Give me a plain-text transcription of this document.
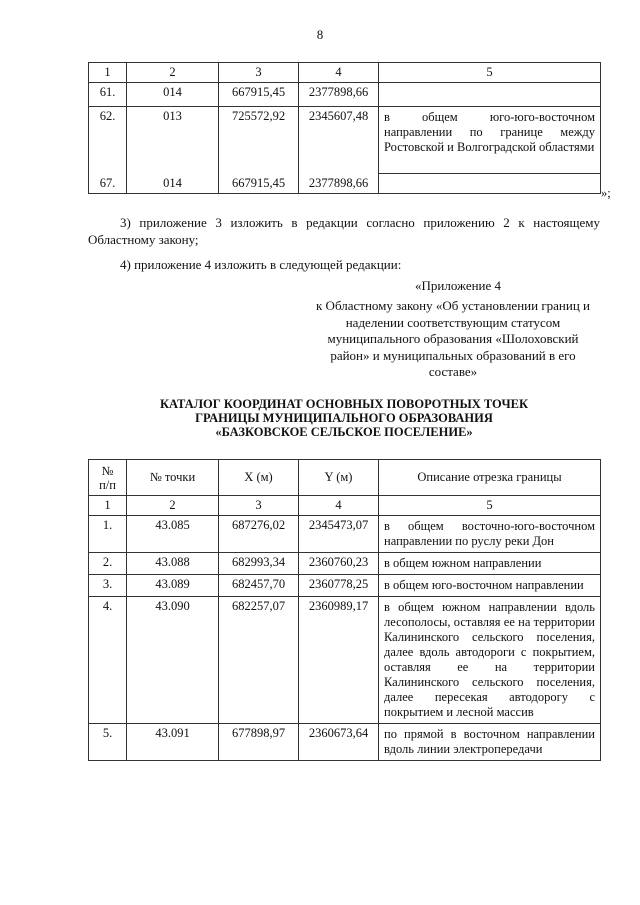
8
1	2	3	4	5
61.	014	667915,45	2377898,66	
62.	013	725572,92	2345607,48	в общем юго-юго-восточном направлении по границе между Ростовской и Волгоградской областями
67.	014	667915,45	2377898,66	
»;
3) приложение 3 изложить в редакции согласно приложению 2 к настоящему Областному закону;
4) приложение 4 изложить в следующей редакции:
«Приложение 4
к Областному закону «Об установлении границ и наделении соответствующим статусом муниципального образования «Шолоховский район» и муниципальных образований в его составе»
КАТАЛОГ КООРДИНАТ ОСНОВНЫХ ПОВОРОТНЫХ ТОЧЕК
ГРАНИЦЫ МУНИЦИПАЛЬНОГО ОБРАЗОВАНИЯ
«БАЗКОВСКОЕ СЕЛЬСКОЕ ПОСЕЛЕНИЕ»
№ п/п	№ точки	X (м)	Y (м)	Описание отрезка границы
1	2	3	4	5
1.	43.085	687276,02	2345473,07	в общем восточно-юго-восточном направлении по руслу реки Дон
2.	43.088	682993,34	2360760,23	в общем южном направлении
3.	43.089	682457,70	2360778,25	в общем юго-восточном направлении
4.	43.090	682257,07	2360989,17	в общем южном направлении вдоль лесополосы, оставляя ее на территории Калининского сельского поселения, далее вдоль автодороги с покрытием, оставляя ее на территории Калининского сельского поселения, далее пересекая автодорогу с покрытием и лесной массив
5.	43.091	677898,97	2360673,64	по прямой в восточном направлении вдоль линии электропередачи
